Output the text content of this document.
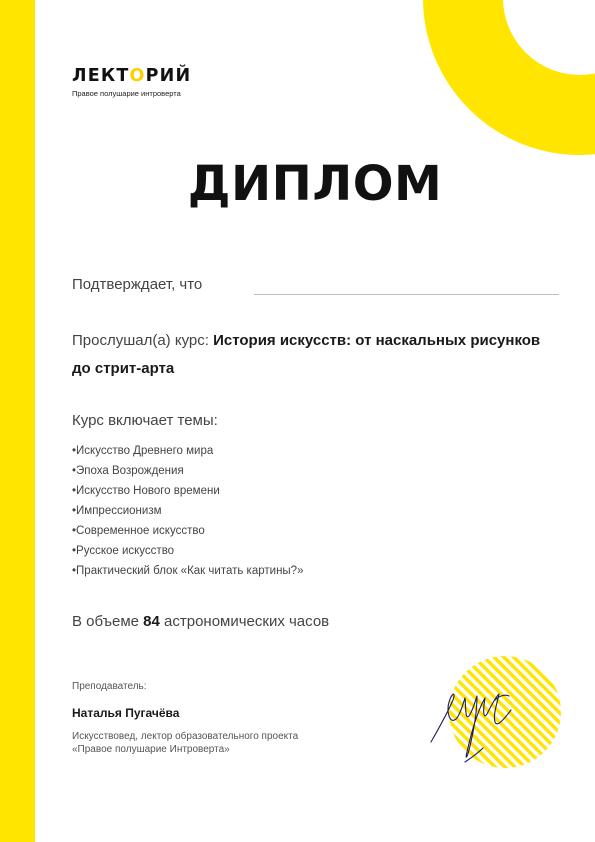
ЛЕКТОРИЙ
Правое полушарие интроверта
ДИПЛОМ
Подтверждает, что
Прослушал(а) курс: История искусств: от наскальных рисунков до стрит-арта
Курс включает темы:
• Искусство Древнего мира
• Эпоха Возрождения
• Искусство Нового времени
• Импрессионизм
• Современное искусство
• Русское искусство
• Практический блок «Как читать картины?»
В объеме 84 астрономических часов
Преподаватель:
Наталья Пугачёва
Искусствовед, лектор образовательного проекта
«Правое полушарие Интроверта»
